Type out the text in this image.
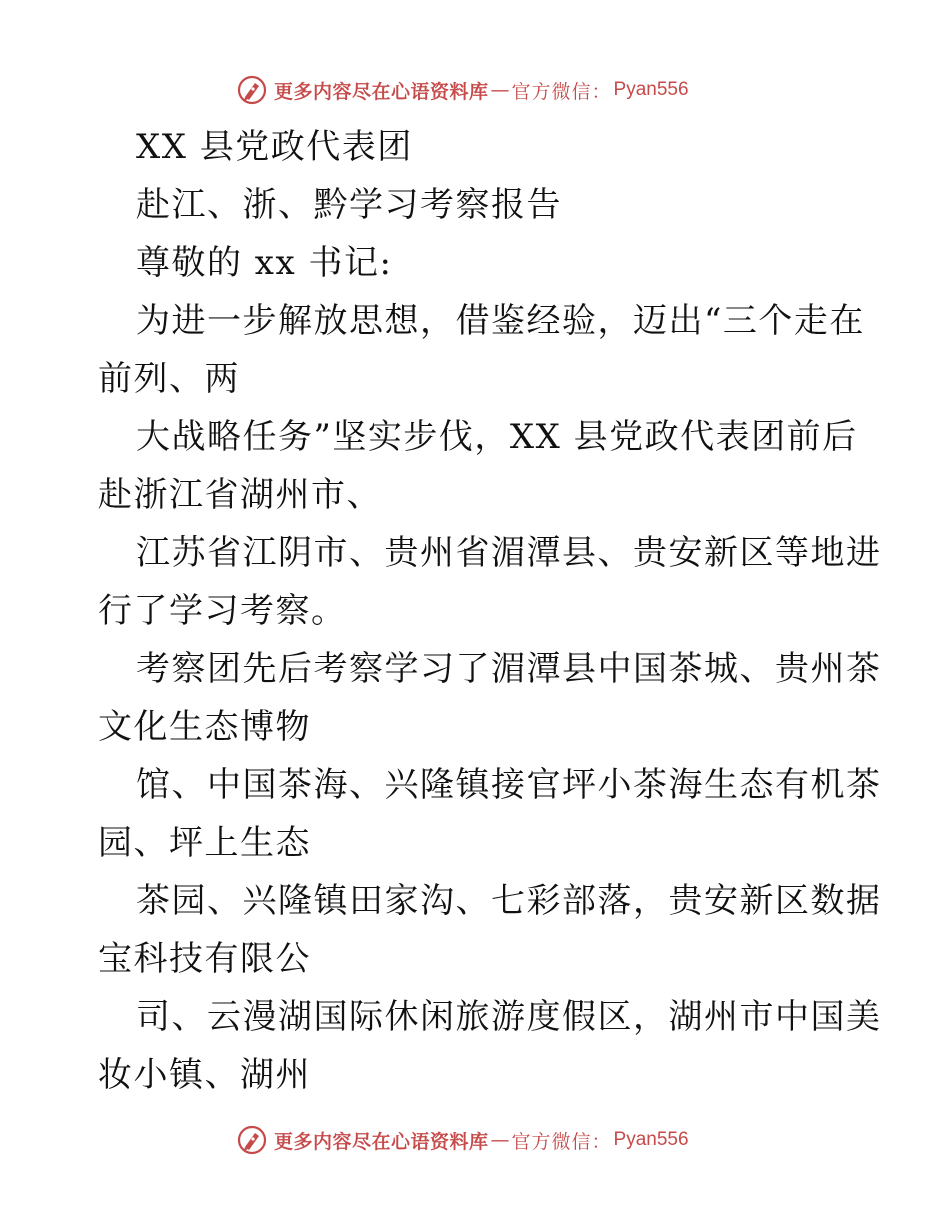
更多内容尽在心语资料库 — 官方微信： Pyan556
XX 县党政代表团
赴江、浙、黔学习考察报告
尊敬的 xx 书记:
为进一步解放思想，借鉴经验，迈出“三个走在
前列、两
大战略任务”坚实步伐，XX 县党政代表团前后
赴浙江省湖州市、
江苏省江阴市、贵州省湄潭县、贵安新区等地进
行了学习考察。
考察团先后考察学习了湄潭县中国茶城、贵州茶
文化生态博物
馆、中国茶海、兴隆镇接官坪小茶海生态有机茶
园、坪上生态
茶园、兴隆镇田家沟、七彩部落，贵安新区数据
宝科技有限公
司、云漫湖国际休闲旅游度假区，湖州市中国美
妆小镇、湖州
更多内容尽在心语资料库 — 官方微信： Pyan556
